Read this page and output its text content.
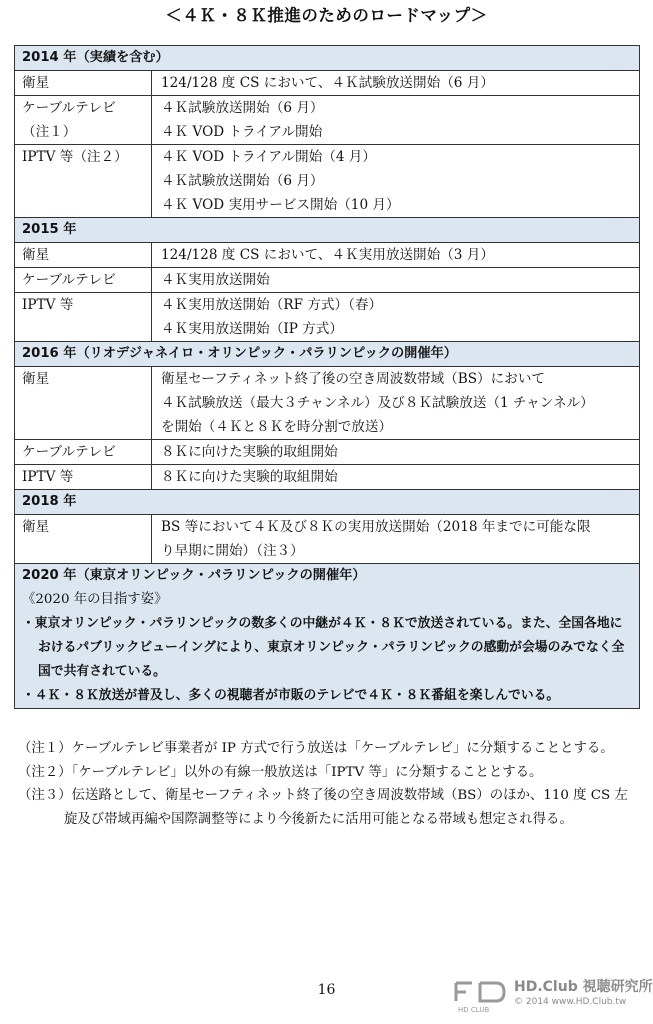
＜４Ｋ・８Ｋ推進のためのロードマップ＞
2014 年（実績を含む）	

衛星	124/128 度 CS において、４Ｋ試験放送開始（6 月）

ケーブルテレビ
（注１）	４Ｋ試験放送開始（6 月）
４Ｋ VOD トライアル開始

IPTV 等（注２）	４Ｋ VOD トライアル開始（4 月）
４Ｋ試験放送開始（6 月）
４Ｋ VOD 実用サービス開始（10 月）

2015 年	

衛星	124/128 度 CS において、４Ｋ実用放送開始（3 月）

ケーブルテレビ	４Ｋ実用放送開始

IPTV 等	４Ｋ実用放送開始（RF 方式）（春）
４Ｋ実用放送開始（IP 方式）

2016 年（リオデジャネイロ・オリンピック・パラリンピックの開催年）	

衛星	衛星セーフティネット終了後の空き周波数帯域（BS）において
４Ｋ試験放送（最大３チャンネル）及び８Ｋ試験放送（1 チャンネル）
を開始（４Ｋと８Ｋを時分割で放送）

ケーブルテレビ	８Ｋに向けた実験的取組開始

IPTV 等	８Ｋに向けた実験的取組開始

2018 年	

衛星	BS 等において４Ｋ及び８Ｋの実用放送開始（2018 年までに可能な限
り早期に開始）（注３）

2020 年（東京オリンピック・パラリンピックの開催年）
《2020 年の目指す姿》
・東京オリンピック・パラリンピックの数多くの中継が４Ｋ・８Ｋで放送されている。また、全国各地におけるパブリックビューイングにより、東京オリンピック・パラリンピックの感動が会場のみでなく全国で共有されている。
・４Ｋ・８Ｋ放送が普及し、多くの視聴者が市販のテレビで４Ｋ・８Ｋ番組を楽しんでいる。	
（注１）ケーブルテレビ事業者が IP 方式で行う放送は「ケーブルテレビ」に分類することとする。
（注２）「ケーブルテレビ」以外の有線一般放送は「IPTV 等」に分類することとする。
（注３）伝送路として、衛星セーフティネット終了後の空き周波数帯域（BS）のほか、110 度 CS 左旋及び帯域再編や国際調整等により今後新たに活用可能となる帯域も想定され得る。
16
HD CLUB
HD.Club 視聴研究所
© 2014 www.HD.Club.tw
